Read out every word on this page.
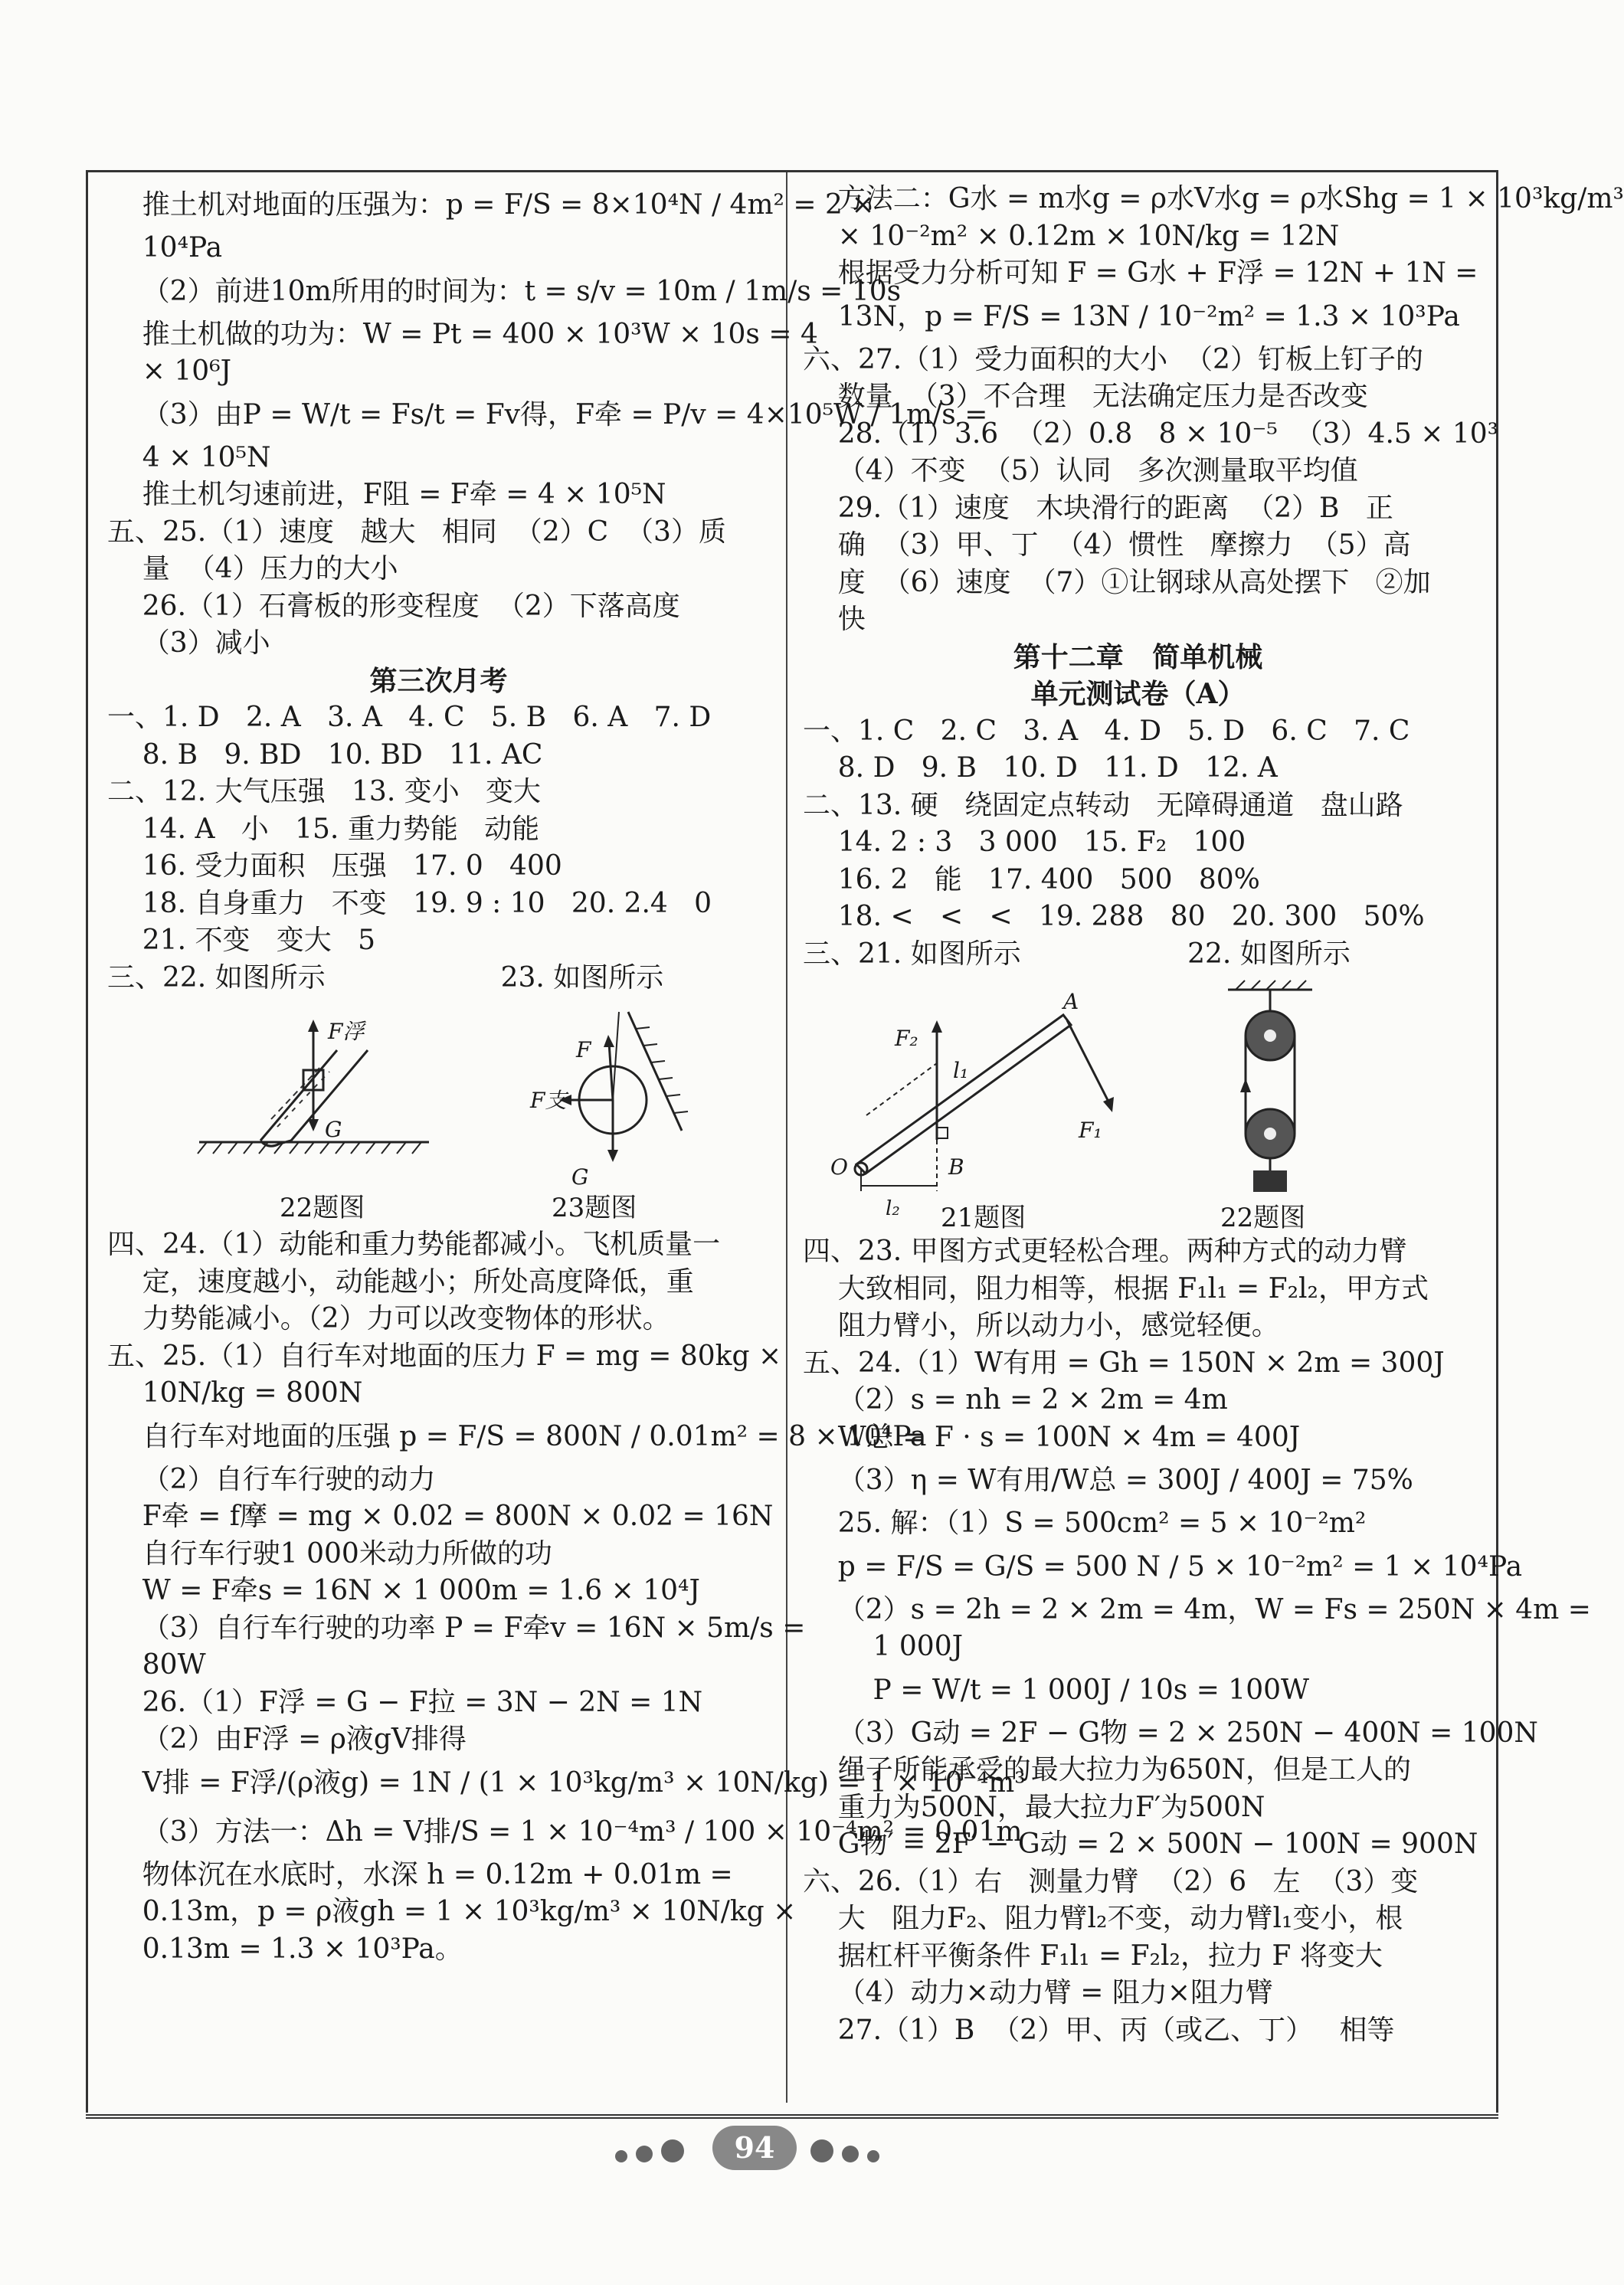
推土机对地面的压强为：p = F/S = 8×10⁴N / 4m² = 2 ×
10⁴Pa
（2）前进10m所用的时间为：t = s/v = 10m / 1m/s = 10s
推土机做的功为：W = Pt = 400 × 10³W × 10s = 4
× 10⁶J
（3）由P = W/t = Fs/t = Fv得，F牵 = P/v = 4×10⁵W / 1m/s =
4 × 10⁵N
推土机匀速前进，F阻 = F牵 = 4 × 10⁵N
五、25.（1）速度   越大   相同  （2）C  （3）质
量  （4）压力的大小
26.（1）石膏板的形变程度  （2）下落高度
（3）减小
第三次月考
一、1. D   2. A   3. A   4. C   5. B   6. A   7. D
8. B   9. BD   10. BD   11. AC
二、12. 大气压强   13. 变小   变大
14. A   小   15. 重力势能   动能
16. 受力面积   压强   17. 0   400
18. 自身重力   不变   19. 9 : 10   20. 2.4   0
21. 不变   变大   5
三、22. 如图所示                    23. 如图所示
F浮
G
F
F支
G
22题图	23题图
四、24.（1）动能和重力势能都减小。飞机质量一
定，速度越小，动能越小；所处高度降低，重
力势能减小。（2）力可以改变物体的形状。
五、25.（1）自行车对地面的压力 F = mg = 80kg ×
10N/kg = 800N
自行车对地面的压强 p = F/S = 800N / 0.01m² = 8 × 10⁴Pa
（2）自行车行驶的动力
F牵 = f摩 = mg × 0.02 = 800N × 0.02 = 16N
自行车行驶1 000米动力所做的功
W = F牵s = 16N × 1 000m = 1.6 × 10⁴J
（3）自行车行驶的功率 P = F牵v = 16N × 5m/s =
80W
26.（1）F浮 = G − F拉 = 3N − 2N = 1N
（2）由F浮 = ρ液gV排得
V排 = F浮/(ρ液g) = 1N / (1 × 10³kg/m³ × 10N/kg) = 1 × 10⁻⁴m³
（3）方法一：Δh = V排/S = 1 × 10⁻⁴m³ / 100 × 10⁻⁴m² = 0.01m
物体沉在水底时，水深 h = 0.12m + 0.01m =
0.13m，p = ρ液gh = 1 × 10³kg/m³ × 10N/kg ×
0.13m = 1.3 × 10³Pa。
方法二：G水 = m水g = ρ水V水g = ρ水Shg = 1 × 10³kg/m³
× 10⁻²m² × 0.12m × 10N/kg = 12N
根据受力分析可知 F = G水 + F浮 = 12N + 1N =
13N，p = F/S = 13N / 10⁻²m² = 1.3 × 10³Pa
六、27.（1）受力面积的大小  （2）钉板上钉子的
数量  （3）不合理   无法确定压力是否改变
28.（1）3.6  （2）0.8   8 × 10⁻⁵  （3）4.5 × 10³
（4）不变  （5）认同   多次测量取平均值
29.（1）速度   木块滑行的距离  （2）B   正
确  （3）甲、丁  （4）惯性   摩擦力  （5）高
度  （6）速度  （7）①让钢球从高处摆下   ②加
快
第十二章   简单机械
单元测试卷（A）
一、1. C   2. C   3. A   4. D   5. D   6. C   7. C
8. D   9. B   10. D   11. D   12. A
二、13. 硬   绕固定点转动   无障碍通道   盘山路
14. 2 : 3   3 000   15. F₂   100
16. 2   能   17. 400   500   80%
18. <   <   <   19. 288   80   20. 300   50%
三、21. 如图所示                   22. 如图所示
A
F₂
l₁
O	B
F₁
l₂ 21题图	22题图
四、23. 甲图方式更轻松合理。两种方式的动力臂
大致相同，阻力相等，根据 F₁l₁ = F₂l₂，甲方式
阻力臂小，所以动力小，感觉轻便。
五、24.（1）W有用 = Gh = 150N × 2m = 300J
（2）s = nh = 2 × 2m = 4m
W总 = F · s = 100N × 4m = 400J
（3）η = W有用/W总 = 300J / 400J = 75%
25. 解：（1）S = 500cm² = 5 × 10⁻²m²
p = F/S = G/S = 500 N / 5 × 10⁻²m² = 1 × 10⁴Pa
（2）s = 2h = 2 × 2m = 4m，W = Fs = 250N × 4m =
1 000J
P = W/t = 1 000J / 10s = 100W
（3）G动 = 2F − G物 = 2 × 250N − 400N = 100N
绳子所能承受的最大拉力为650N，但是工人的
重力为500N，最大拉力F′为500N
G物′ = 2F′ − G动 = 2 × 500N − 100N = 900N
六、26.（1）右   测量力臂  （2）6   左  （3）变
大   阻力F₂、阻力臂l₂不变，动力臂l₁变小，根
据杠杆平衡条件 F₁l₁ = F₂l₂，拉力 F 将变大
（4）动力×动力臂 = 阻力×阻力臂
27.（1）B  （2）甲、丙（或乙、丁）   相等

94
